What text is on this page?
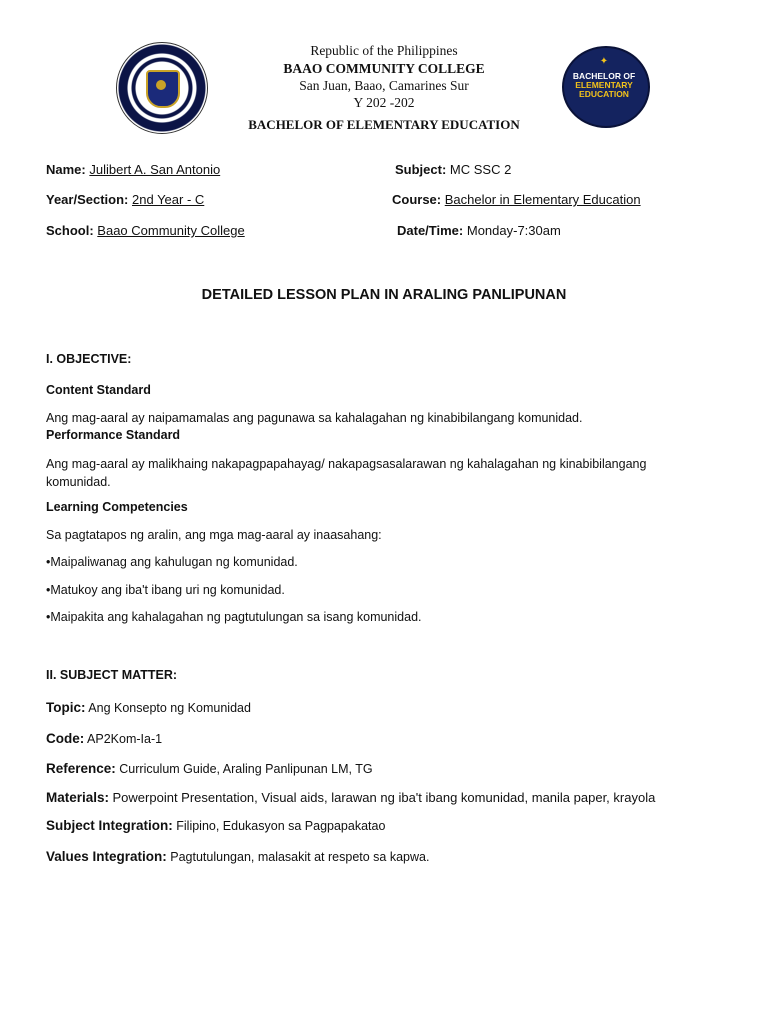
✦
BACHELOR OF
ELEMENTARY
EDUCATION
Republic of the Philippines
BAAO COMMUNITY COLLEGE
San Juan, Baao, Camarines Sur
Y 202 -202
BACHELOR OF ELEMENTARY EDUCATION
Name: Julibert A. San Antonio	Subject: MC SSC 2
Year/Section: 2nd Year - C	Course: Bachelor in Elementary Education
School: Baao Community College	Date/Time: Monday-7:30am
DETAILED LESSON PLAN IN ARALING PANLIPUNAN
I. OBJECTIVE:
Content Standard
Ang mag-aaral ay naipamamalas ang pagunawa sa kahalagahan ng kinabibilangang komunidad.
Performance Standard
Ang mag-aaral ay malikhaing nakapagpapahayag/ nakapagsasalarawan ng kahalagahan ng kinabibilangang komunidad.
Learning Competencies
Sa pagtatapos ng aralin, ang mga mag-aaral ay inaasahang:
•Maipaliwanag ang kahulugan ng komunidad.
•Matukoy ang iba't ibang uri ng komunidad.
•Maipakita ang kahalagahan ng pagtutulungan sa isang komunidad.
II. SUBJECT MATTER:
Topic: Ang Konsepto ng Komunidad
Code: AP2Kom-Ia-1
Reference: Curriculum Guide, Araling Panlipunan LM, TG
Materials: Powerpoint Presentation, Visual aids, larawan ng iba't ibang komunidad, manila paper, krayola
Subject Integration: Filipino, Edukasyon sa Pagpapakatao
Values Integration: Pagtutulungan, malasakit at respeto sa kapwa.
